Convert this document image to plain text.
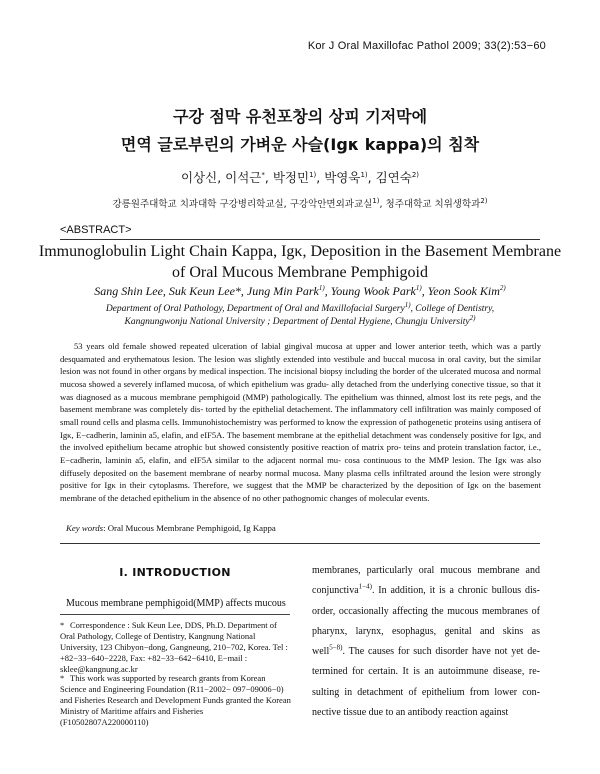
Kor J Oral Maxillofac Pathol 2009; 33(2):53−60
구강 점막 유천포창의 상피 기저막에
면역 글로부린의 가벼운 사슬(Igκ kappa)의 침착
이상신, 이석근*, 박정민$^{1)}$, 박영욱$^{1)}$, 김연숙$^{2)}$
강릉원주대학교 치과대학 구강병리학교실, 구강악안면외과교실$^{1)}$, 청주대학교 치위생학과$^{2)}$
<ABSTRACT>
Immunoglobulin Light Chain Kappa, Igκ, Deposition in the Basement Membrane
of Oral Mucous Membrane Pemphigoid
Sang Shin Lee, Suk Keun Lee*, Jung Min Park$^{1)}$, Young Wook Park$^{1)}$, Yeon Sook Kim$^{2)}$
Department of Oral Pathology, Department of Oral and Maxillofacial Surgery$^{1)}$, College of Dentistry,
Kangnungwonju National University ; Department of Dental Hygiene, Chungju University$^{2)}$

53 years old female showed repeated ulceration of labial gingival mucosa at upper and lower anterior teeth, which was a partly desquamated and erythematous lesion. The lesion was slightly extended into vestibule and buccal mucosa in oral cavity, but the similar lesion was not found in other organs by medical inspection. The incisional biopsy including the border of the ulcerated mucosa and normal mucosa showed a severely inflamed mucosa, of which epithelium was gradu- ally detached from the underlying conective tissue, so that it was diagnosed as a mucous membrane pemphigoid (MMP) pathologically. The epithelium was thinned, almost lost its rete pegs, and the basement membrane was completely dis- torted by the epithelial detachement. The inflammatory cell infiltration was mainly composed of small round cells and plasma cells. Immunohistochemistry was performed to know the expression of pathogenetic proteins using antisera of Igκ, E−cadherin, laminin a5, elafin, and eIF5A. The basement membrane at the epithelial detachment was condensely positive for Igκ, and the involved epithelium became atrophic but showed consistently positive reaction of matrix pro- teins and protein translation factor, i.e., E−cadherin, laminin a5, elafin, and eIF5A similar to the adjacent normal mu- cosa continuous to the MMP lesion. The Igκ was also diffusely deposited on the basement membrane of nearby normal mucosa. Many plasma cells infiltrated around the lesion were strongly positive for Igκ in their cytoplasms. Therefore, we suggest that the MMP be characterized by the deposition of Igκ on the basement membrane of the detached epithelium in the absence of no other pathognomic changes of molecular events.

Key words: Oral Mucous Membrane Pemphigoid, Ig Kappa
I. INTRODUCTION
Mucous membrane pemphigoid(MMP) affects mucous

* Correspondence : Suk Keun Lee, DDS, Ph.D. Department of Oral Pathology, College of Dentistry, Kangnung National University, 123 Chibyon−dong, Gangneung, 210−702, Korea. Tel : +82−33−640−2228, Fax: +82−33−642−6410, E−mail : sklee@kangnung.ac.kr

* This work was supported by research grants from Korean Science and Engineering Foundation (R11−2002− 097−09006−0) and Fisheries Research and Development Funds granted the Korean Ministry of Maritime affairs and Fisheries (F10502807A220000110)

membranes, particularly oral mucous membrane and conjunctiva$^{1-4)}$. In addition, it is a chronic bullous dis- order, occasionally affecting the mucous membranes of pharynx, larynx, esophagus, genital and skins as well$^{5-8)}$. The causes for such disorder have not yet de- termined for certain. It is an autoimmune disease, re- sulting in detachment of epithelium from lower con- nective tissue due to an antibody reaction against
